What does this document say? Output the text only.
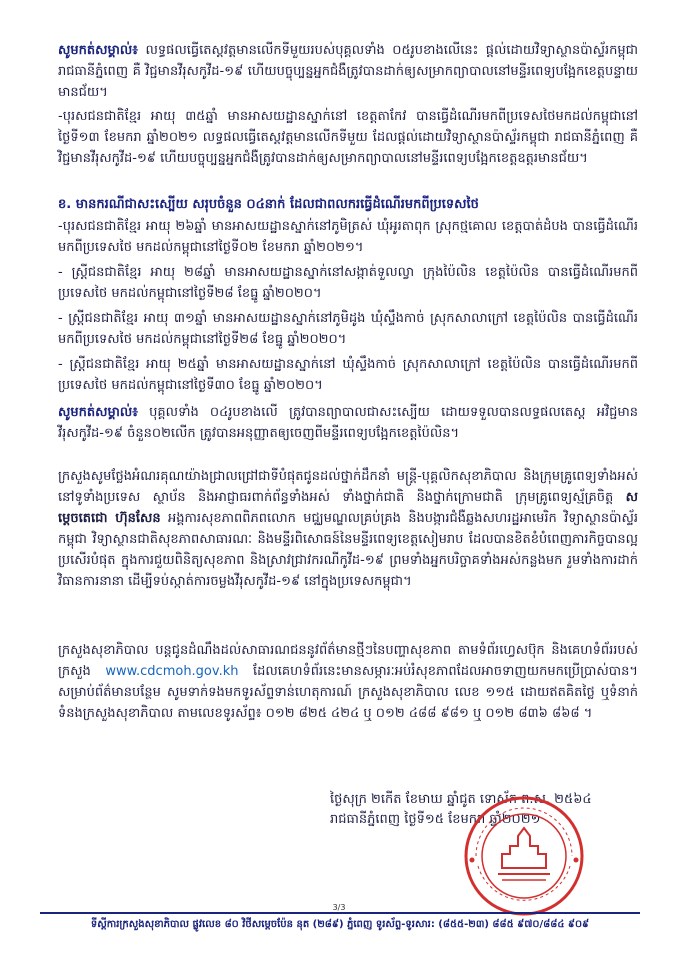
សូមកត់សម្គាល់៖ លទ្ធផលធ្វើតេស្តវត្តមានលើកទីមួយរបស់បុគ្គលទាំង ០៥រូបខាងលើនេះ ផ្តល់ដោយវិទ្យាស្ថានប៉ាស្ទ័រកម្ពុជា រាជធានីភ្នំពេញ គឺ វិជ្ជមានវីរុសកូវីដ-១៩ ហើយបច្ចុប្បន្នអ្នកជំងឺត្រូវបានដាក់ឲ្យសម្រាកព្យាបាលនៅមន្ទីរពេទ្យបង្អែកខេត្តបន្ទាយមានជ័យ។

-បុរសជនជាតិខ្មែរ អាយុ ៣៥ឆ្នាំ មានអាសយដ្ឋានស្នាក់នៅ ខេត្តតាកែវ បានធ្វើដំណើរមកពីប្រទេសថៃមកដល់កម្ពុជានៅថ្ងៃទី១៣ ខែមករា ឆ្នាំ២០២១ លទ្ធផលធ្វើតេស្តវត្តមានលើកទីមួយ ដែលផ្តល់ដោយវិទ្យាស្ថានប៉ាស្ទ័រកម្ពុជា រាជធានីភ្នំពេញ គឺវិជ្ជមានវីរុសកូវីដ-១៩ ហើយបច្ចុប្បន្នអ្នកជំងឺត្រូវបានដាក់ឲ្យសម្រាកព្យាបាលនៅមន្ទីរពេទ្យបង្អែកខេត្តឧត្តរមានជ័យ។

ខ. មានករណីជាសះស្បើយ សរុបចំនួន ០៤នាក់ ដែលជាពលករធ្វើដំណើរមកពីប្រទេសថៃ

-បុរសជនជាតិខ្មែរ អាយុ ២៦ឆ្នាំ មានអាសយដ្ឋានស្នាក់នៅភូមិត្រស់ ឃុំអូរតាពុក ស្រុកថ្មគោល ខេត្តបាត់ដំបង បានធ្វើដំណើរមកពីប្រទេសថៃ មកដល់កម្ពុជានៅថ្ងៃទី០២ ខែមករា ឆ្នាំ២០២១។

- ស្ត្រីជនជាតិខ្មែរ អាយុ ២៨ឆ្នាំ មានអាសយដ្ឋានស្នាក់នៅសង្កាត់ទួលល្វា ក្រុងប៉ៃលិន ខេត្តប៉ៃលិន បានធ្វើដំណើរមកពីប្រទេសថៃ មកដល់កម្ពុជានៅថ្ងៃទី២៨ ខែធ្នូ ឆ្នាំ២០២០។

- ស្ត្រីជនជាតិខ្មែរ អាយុ ៣១ឆ្នាំ មានអាសយដ្ឋានស្នាក់នៅភូមិដូង ឃុំស្ទឹងកាច់ ស្រុកសាលាក្រៅ ខេត្តប៉ៃលិន បានធ្វើដំណើរមកពីប្រទេសថៃ មកដល់កម្ពុជានៅថ្ងៃទី២៨ ខែធ្នូ ឆ្នាំ២០២០។

- ស្ត្រីជនជាតិខ្មែរ អាយុ ២៥ឆ្នាំ មានអាសយដ្ឋានស្នាក់នៅ ឃុំស្ទឹងកាច់ ស្រុកសាលាក្រៅ ខេត្តប៉ៃលិន បានធ្វើដំណើរមកពីប្រទេសថៃ មកដល់កម្ពុជានៅថ្ងៃទី៣០ ខែធ្នូ ឆ្នាំ២០២០។

សូមកត់សម្គាល់៖ បុគ្គលទាំង ០៤រូបខាងលើ ត្រូវបានព្យាបាលជាសះស្បើយ ដោយទទួលបានលទ្ធផលតេស្ត អវិជ្ជមានវីរុសកូវីដ-១៩ ចំនួន០២លើក ត្រូវបានអនុញ្ញាតឲ្យចេញពីមន្ទីរពេទ្យបង្អែកខេត្តប៉ៃលិន។

ក្រសួងសូមថ្លែងអំណរគុណយ៉ាងជ្រាលជ្រៅជាទីបំផុតជូនដល់ថ្នាក់ដឹកនាំ មន្ត្រី-បុគ្គលិកសុខាភិបាល និងក្រុមគ្រូពេទ្យទាំងអស់នៅទូទាំងប្រទេស ស្ថាប័ន និងអាជ្ញាធរពាក់ព័ន្ធទាំងអស់ ទាំងថ្នាក់ជាតិ និងថ្នាក់ក្រោមជាតិ ក្រុមគ្រូពេទ្យស្ម័គ្រចិត្ត សម្តេចតេជោ ហ៊ុនសែន អង្គការសុខភាពពិភពលោក មជ្ឈមណ្ឌលគ្រប់គ្រង និងបង្ការជំងឺឆ្លងសហរដ្ឋអាមេរិក វិទ្យាស្ថានប៉ាស្ទ័រកម្ពុជា វិទ្យាស្ថានជាតិសុខភាពសាធារណៈ និងមន្ទីរពិសោធន៍នៃមន្ទីរពេទ្យខេត្តសៀមរាប ដែលបានខិតខំបំពេញភារកិច្ចបានល្អប្រសើរបំផុត ក្នុងការជួយពិនិត្យសុខភាព និងស្រាវជ្រាវករណីកូវីដ-១៩ ព្រមទាំងអ្នកបរិច្ចាគទាំងអស់កន្លងមក រួមទាំងការដាក់វិធានការនានា ដើម្បីទប់ស្កាត់ការចម្លងវីរុសកូវីដ-១៩ នៅក្នុងប្រទេសកម្ពុជា។

ក្រសួងសុខាភិបាល បន្តជូនដំណឹងដល់សាធារណជននូវព័ត៌មានថ្មីៗនៃបញ្ហាសុខភាព តាមទំព័រហ្វេសប៊ុក និងគេហទំព័ររបស់ក្រសួង www.cdcmoh.gov.kh ដែលគេហទំព័រនេះមានសម្ភារៈអប់រំសុខភាពដែលអាចទាញយកមកប្រើប្រាស់បាន។ សម្រាប់ព័ត៌មានបន្ថែម សូមទាក់ទងមកទូរស័ព្ទទាន់ហេតុការណ៍ ក្រសួងសុខាភិបាល លេខ ១១៥ ដោយឥតគិតថ្លៃ ឬទំនាក់ទំនងក្រសួងសុខាភិបាល តាមលេខទូរស័ព្ទ៖ ០១២ ៨២៥ ៤២៤ ឬ ០១២ ៤៨៨ ៩៨១ ឬ ០១២ ៨៣៦ ៨៦៨ ។

ថ្ងៃសុក្រ ២កើត ខែមាឃ ឆ្នាំជូត ទោស័ក ព.ស. ២៥៦៤

រាជធានីភ្នំពេញ ថ្ងៃទី១៥ ខែមករា ឆ្នាំ២០២១

3/3
ទីស្តីការក្រសួងសុខាភិបាល ផ្លូវលេខ ៨០ វិថីសម្តេចប៉ែន នុត (២៨៩) ភ្នំពេញ ទូរស័ព្ទ-ទូរសារ: (៨៥៥-២៣) ៨៨៥ ៩៧០/៨៨៤ ៩០៩
